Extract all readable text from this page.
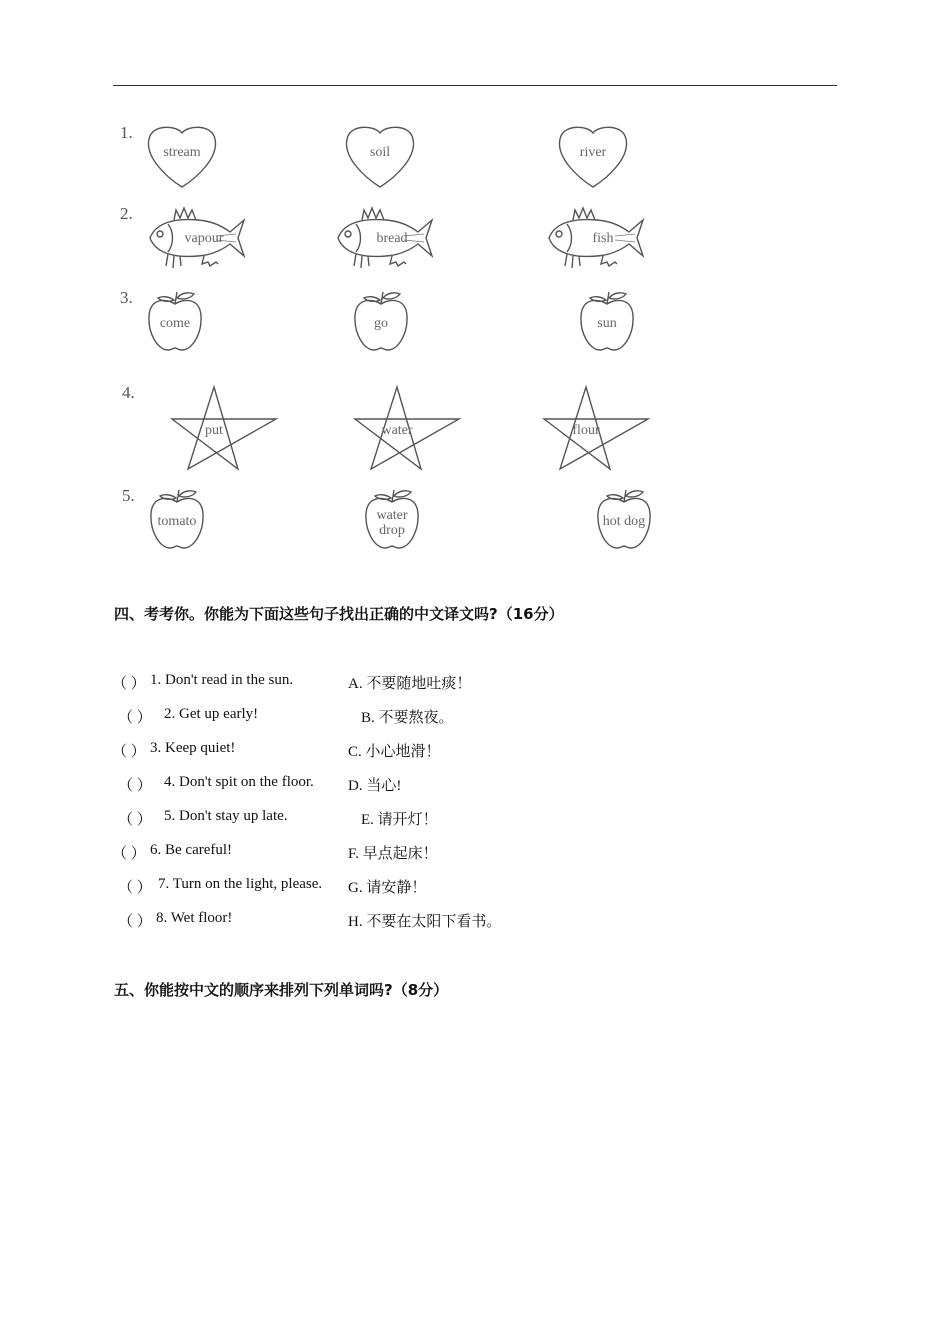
1.
stream	soil	river
2.
vapour	bread	fish
3.
come	go	sun
4.
put	water	flour
5.
tomato	water drop
hot dog
四、考考你。你能为下面这些句子找出正确的中文译文吗?（16分）
（ ） 1. Don't read in the sun.	A. 不要随地吐痰！
（ ） 2. Get up early!	B. 不要熬夜。
（ ） 3. Keep quiet!	C. 小心地滑！
（ ） 4. Don't spit on the floor. D. 当心!
（ ） 5. Don't stay up late.	E. 请开灯！
（ ） 6. Be careful!	F. 早点起床！
（ ） 7. Turn on the light, please. G. 请安静！
（ ） 8. Wet floor!	H. 不要在太阳下看书。
五、你能按中文的顺序来排列下列单词吗?（8分）
